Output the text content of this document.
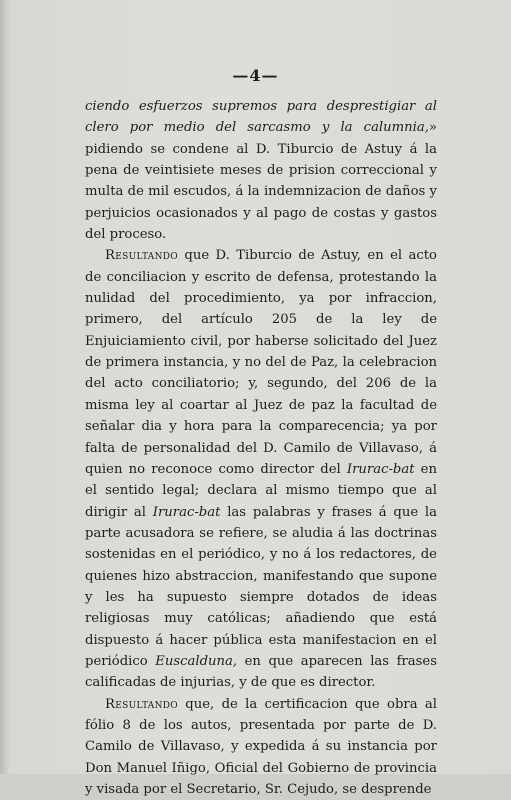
—4—

ciendo esfuerzos supremos para desprestigiar al clero por medio del sarcasmo y la calumnia,» pidiendo se condene al D. Tiburcio de Astuy á la pena de veintisiete meses de prision correccional y multa de mil escudos, á la indemnizacion de daños y perjuicios ocasionados y al pago de costas y gastos del proceso.

Resultando que D. Tiburcio de Astuy, en el acto de conciliacion y escrito de defensa, protestando la nulidad del procedimiento, ya por infraccion, primero, del artículo 205 de la ley de Enjuiciamiento civil, por haberse solicitado del Juez de primera instancia, y no del de Paz, la celebracion del acto conciliatorio; y, segundo, del 206 de la misma ley al coartar al Juez de paz la facultad de señalar dia y hora para la comparecencia; ya por falta de personalidad del D. Camilo de Villavaso, á quien no reconoce como director del Irurac-bat en el sentido legal; declara al mismo tiempo que al dirigir al Irurac-bat las palabras y frases á que la parte acusadora se refiere, se aludia á las doctrinas sostenidas en el periódico, y no á los redactores, de quienes hizo abstraccion, manifestando que supone y les ha supuesto siempre dotados de ideas religiosas muy católicas; añadiendo que está dispuesto á hacer pública esta manifestacion en el periódico Euscalduna, en que aparecen las frases calificadas de injurias, y de que es director.

Resultando que, de la certificacion que obra al fólio 8 de los autos, presentada por parte de D. Camilo de Villavaso, y expedida á su instancia por Don Manuel Iñigo, Oficial del Gobierno de provincia y visada por el Secretario, Sr. Cejudo, se desprende
